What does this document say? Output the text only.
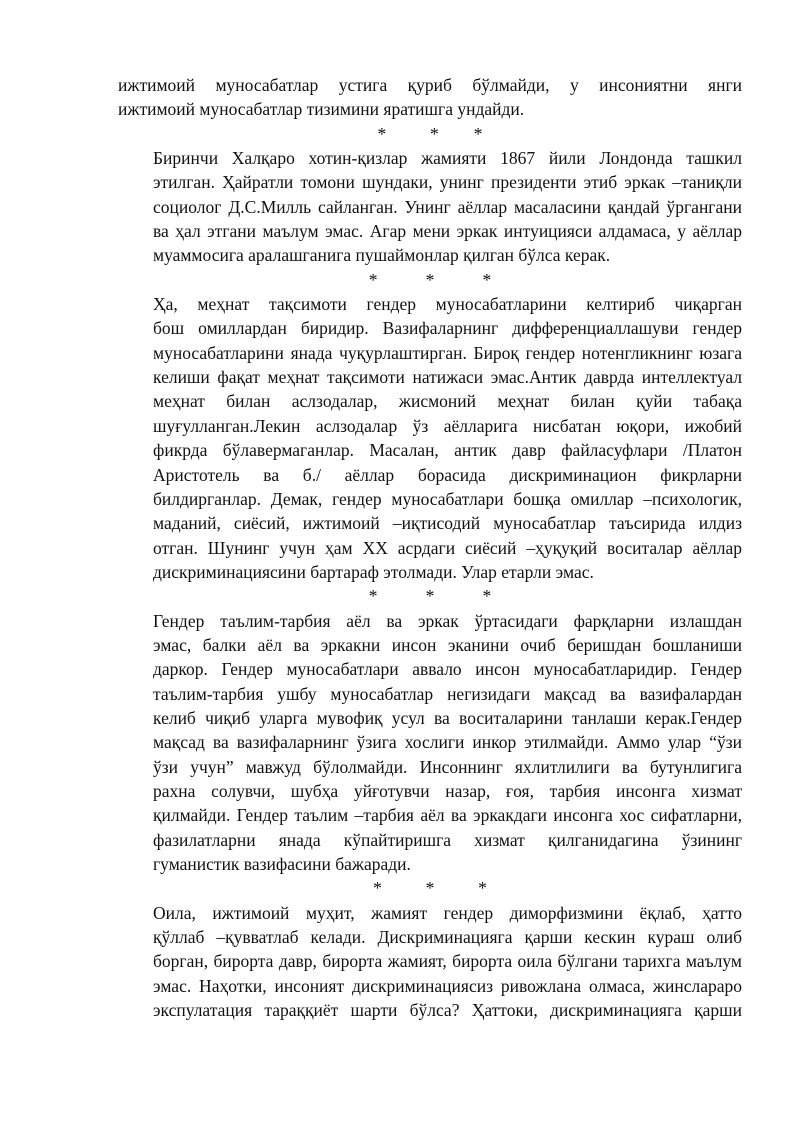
ижтимоий муносабатлар устига қуриб бўлмайди, у инсониятни янги
ижтимоий муносабатлар тизимини яратишга ундайди.
*          *        *
Биринчи Халқаро хотин-қизлар жамияти 1867 йили Лондонда ташкил
этилган. Ҳайратли томони шундаки, унинг президенти этиб эркак –таниқли
социолог Д.С.Милль сайланган. Унинг аёллар масаласини қандай ўргангани
ва ҳал этгани маълум эмас. Агар мени эркак интуицияси алдамаса, у аёллар
муаммосига аралашганига пушаймонлар қилган бўлса керак.
*           *           *
Ҳа, меҳнат тақсимоти гендер муносабатларини келтириб чиқарган
бош омиллардан биридир. Вазифаларнинг дифференциаллашуви гендер
муносабатларини янада чуқурлаштирган. Бироқ гендер нотенгликнинг юзага
келиши фақат меҳнат тақсимоти натижаси эмас.Антик даврда интеллектуал
меҳнат билан аслзодалар, жисмоний меҳнат билан қуйи табақа
шуғулланган.Лекин аслзодалар ўз аёлларига нисбатан юқори, ижобий
фикрда бўлавермаганлар. Масалан, антик давр файласуфлари /Платон
Аристотель ва б./ аёллар борасида дискриминацион фикрларни
билдирганлар. Демак, гендер муносабатлари бошқа омиллар –психологик,
маданий, сиёсий, ижтимоий –иқтисодий муносабатлар таъсирида илдиз
отган. Шунинг учун ҳам XX асрдаги сиёсий –ҳуқуқий воситалар аёллар
дискриминациясини бартараф этолмади. Улар етарли эмас.
*           *           *
Гендер таълим-тарбия аёл ва эркак ўртасидаги фарқларни излашдан
эмас, балки аёл ва эркакни инсон эканини очиб беришдан бошланиши
даркор. Гендер муносабатлари аввало инсон муносабатларидир. Гендер
таълим-тарбия ушбу муносабатлар негизидаги мақсад ва вазифалардан
келиб чиқиб уларга мувофиқ усул ва воситаларини танлаши керак.Гендер
мақсад ва вазифаларнинг ўзига хослиги инкор этилмайди. Аммо улар “ўзи
ўзи учун” мавжуд бўлолмайди. Инсоннинг яхлитлилиги ва бутунлигига
рахна солувчи, шубҳа уйғотувчи назар, ғоя, тарбия инсонга хизмат
қилмайди. Гендер таълим –тарбия аёл ва эркакдаги инсонга хос сифатларни,
фазилатларни янада кўпайтиришга хизмат қилганидагина ўзининг
гуманистик вазифасини бажаради.
*          *          *
Оила, ижтимоий муҳит, жамият гендер диморфизмини ёқлаб, ҳатто
қўллаб –қувватлаб келади. Дискриминацияга қарши кескин кураш олиб
борган, бирорта давр, бирорта жамият, бирорта оила бўлгани тарихга маълум
эмас. Наҳотки, инсоният дискриминациясиз ривожлана олмаса, жинслараро
экспулатация тараққиёт шарти бўлса? Ҳаттоки, дискриминацияга қарши
